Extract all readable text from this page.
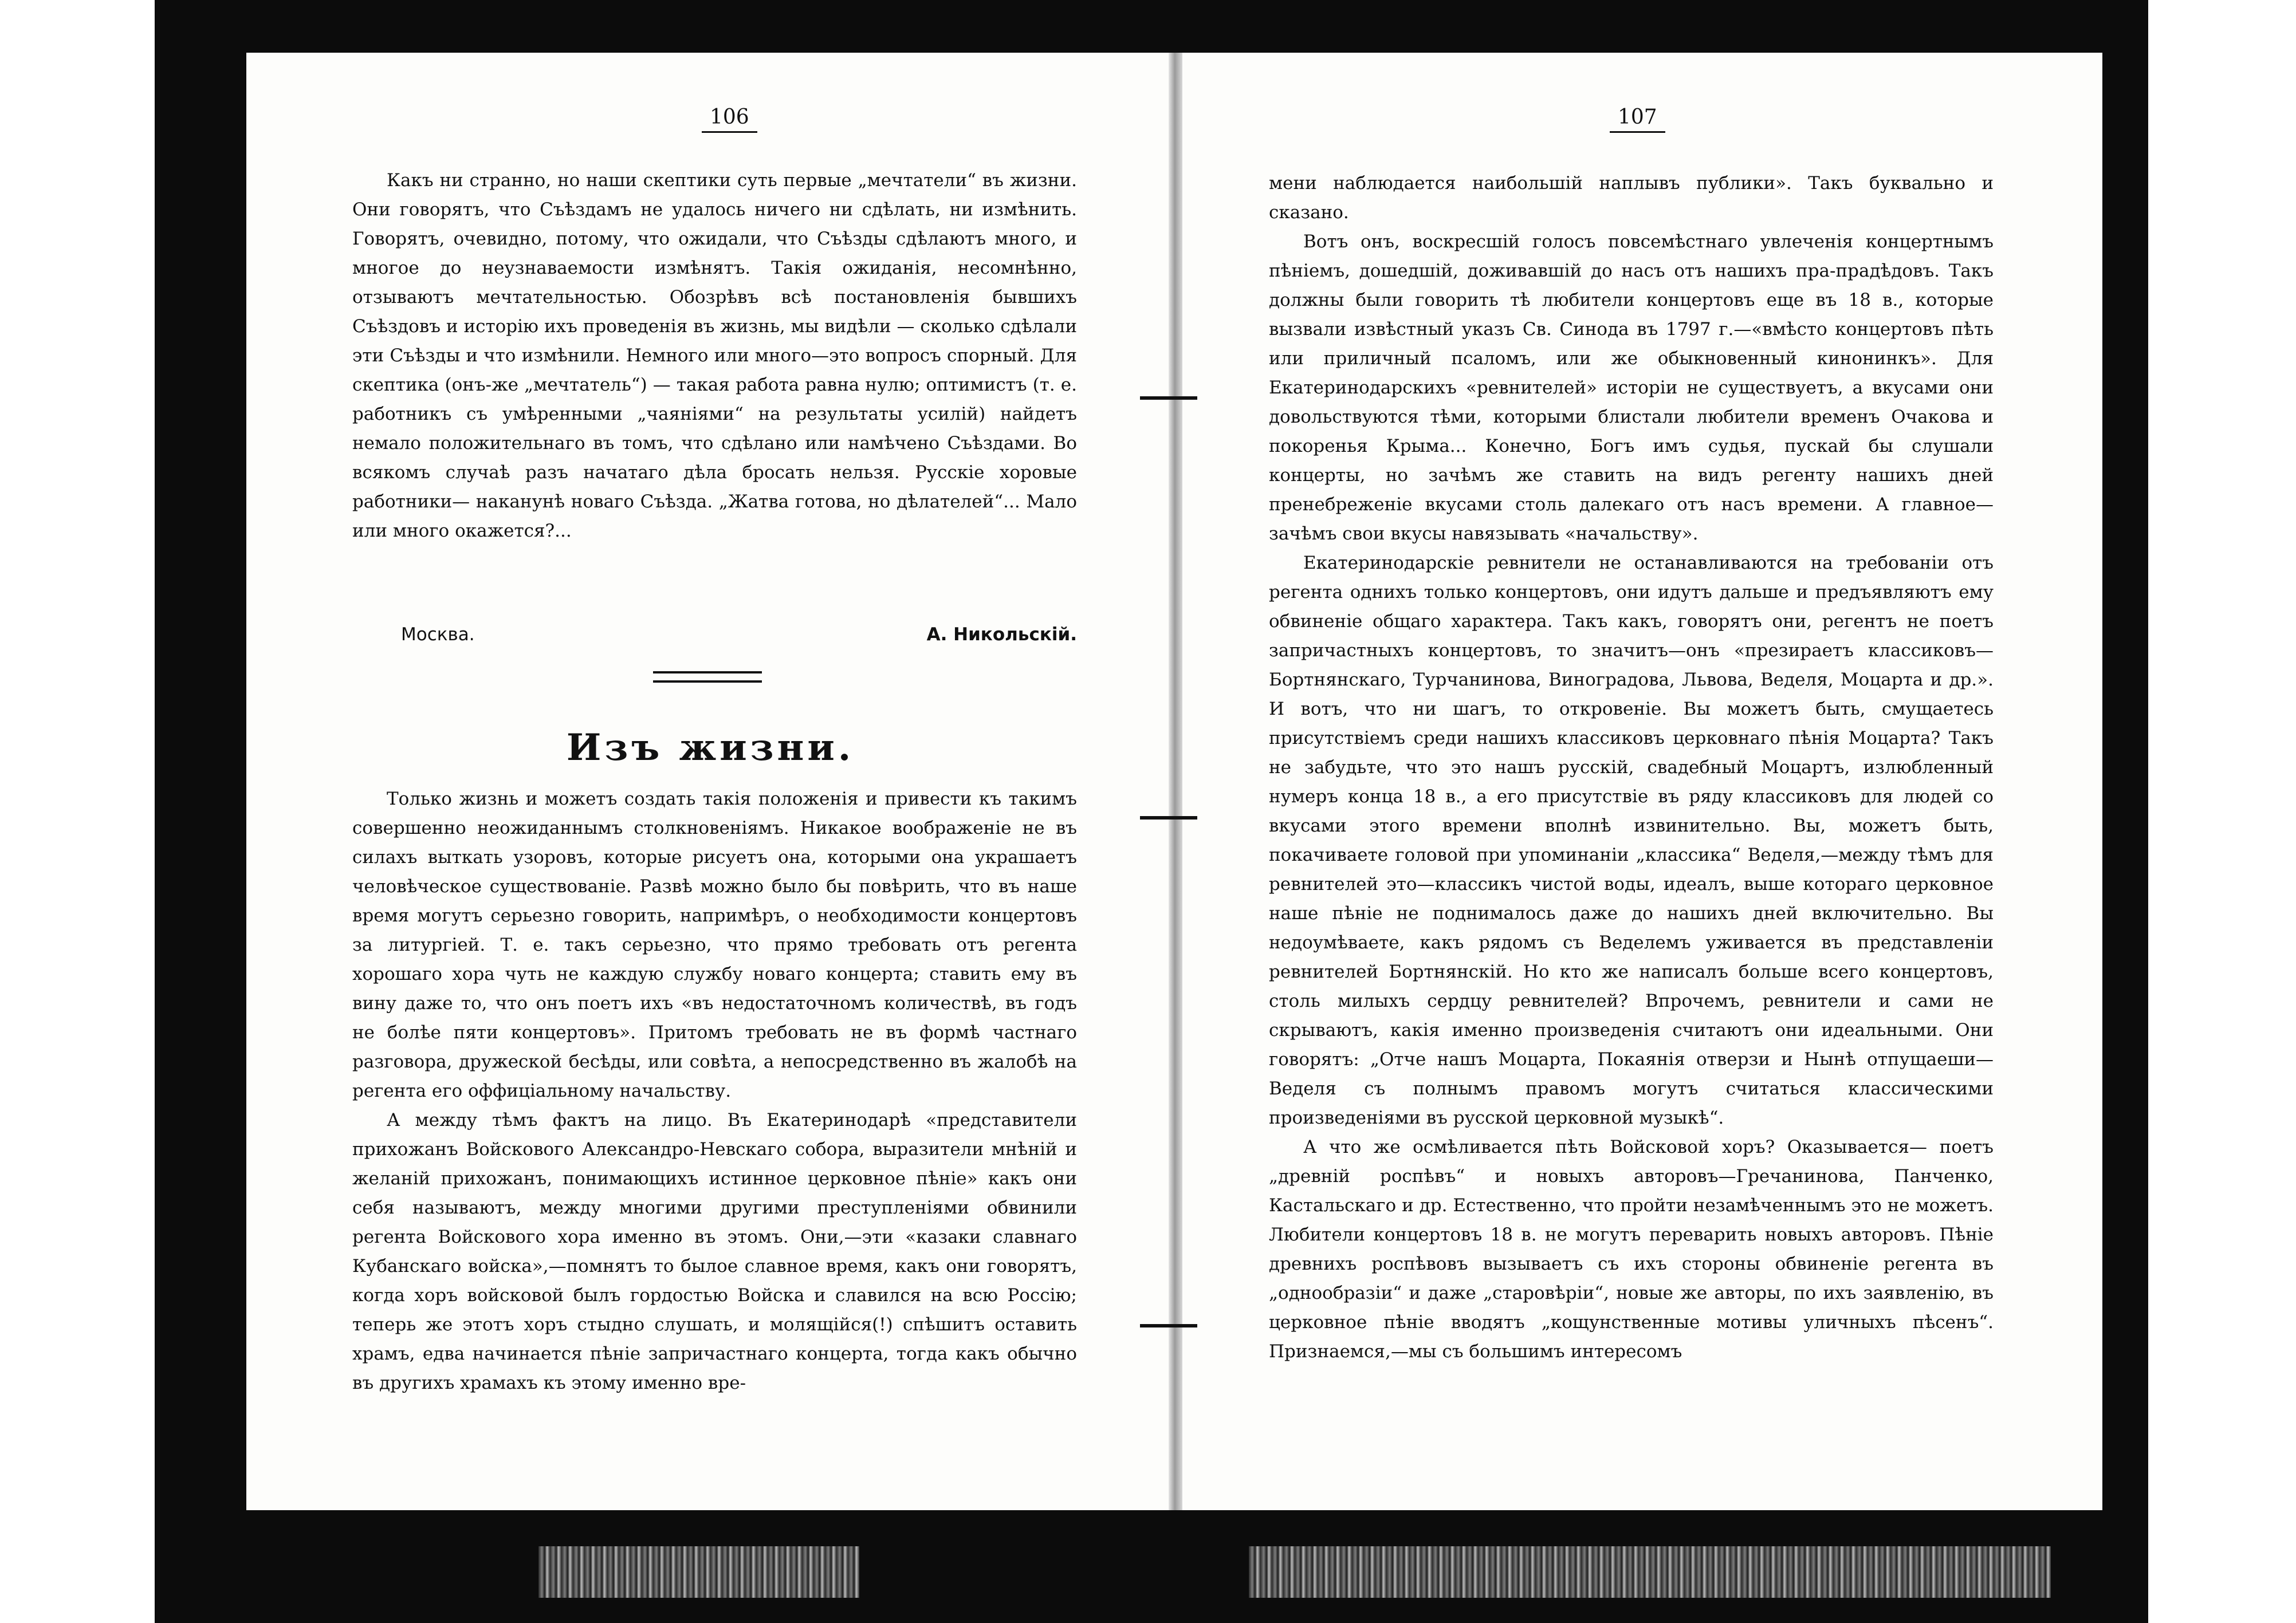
106

Какъ ни странно, но наши скептики суть первые „мечтатели“ въ жизни. Они говорятъ, что Съѣздамъ не удалось ничего ни сдѣлать, ни измѣнить. Говорятъ, очевидно, потому, что ожидали, что Съѣзды сдѣлаютъ много, и многое до неузнаваемости измѣнятъ. Такія ожиданія, несомнѣнно, отзываютъ мечтательностью. Обозрѣвъ всѣ постановленія бывшихъ Съѣздовъ и исторію ихъ проведенія въ жизнь, мы видѣли — сколько сдѣлали эти Съѣзды и что измѣнили. Немного или много—это вопросъ спорный. Для скептика (онъ-же „мечтатель“) — такая работа равна нулю; оптимистъ (т. е. работникъ съ умѣренными „чаяніями“ на результаты усилій) найдетъ немало положительнаго въ томъ, что сдѣлано или намѣчено Съѣздами. Во всякомъ случаѣ разъ начатаго дѣла бросать нельзя. Русскіе хоровые работники— наканунѣ новаго Съѣзда. „Жатва готова, но дѣлателей“... Мало или много окажется?...

Москва.	А. Никольскій.
Изъ жизни.

Только жизнь и можетъ создать такія положенія и привести къ такимъ совершенно неожиданнымъ столкновеніямъ. Никакое воображеніе не въ силахъ выткать узоровъ, которые рисуетъ она, которыми она украшаетъ человѣческое существованіе. Развѣ можно было бы повѣрить, что въ наше время могутъ серьезно говорить, напримѣръ, о необходимости концертовъ за литургіей. Т. е. такъ серьезно, что прямо требовать отъ регента хорошаго хора чуть не каждую службу новаго концерта; ставить ему въ вину даже то, что онъ поетъ ихъ «въ недостаточномъ количествѣ, въ годъ не болѣе пяти концертовъ». Притомъ требовать не въ формѣ частнаго разговора, дружеской бесѣды, или совѣта, а непосредственно въ жалобѣ на регента его оффиціальному начальству.

А между тѣмъ фактъ на лицо. Въ Екатеринодарѣ «представители прихожанъ Войскового Александро-Невскаго собора, выразители мнѣній и желаній прихожанъ, понимающихъ истинное церковное пѣніе» какъ они себя называютъ, между многими другими преступленіями обвинили регента Войскового хора именно въ этомъ. Они,—эти «казаки славнаго Кубанскаго войска»,—помнятъ то былое славное время, какъ они говорятъ, когда хоръ войсковой былъ гордостью Войска и славился на всю Россію; теперь же этотъ хоръ стыдно слушать, и молящійся(!) спѣшитъ оставить храмъ, едва начинается пѣніе запричастнаго концерта, тогда какъ обычно въ другихъ храмахъ къ этому именно вре-

107

мени наблюдается наибольшій наплывъ публики». Такъ буквально и сказано.

Вотъ онъ, воскресшій голосъ повсемѣстнаго увлеченія концертнымъ пѣніемъ, дошедшій, доживавшій до насъ отъ нашихъ пра-прадѣдовъ. Такъ должны были говорить тѣ любители концертовъ еще въ 18 в., которые вызвали извѣстный указъ Св. Синода въ 1797 г.—«вмѣсто концертовъ пѣть или приличный псаломъ, или же обыкновенный кинонинкъ». Для Екатеринодарскихъ «ревнителей» исторіи не существуетъ, а вкусами они довольствуются тѣми, которыми блистали любители временъ Очакова и покоренья Крыма... Конечно, Богъ имъ судья, пускай бы слушали концерты, но зачѣмъ же ставить на видъ регенту нашихъ дней пренебреженіе вкусами столь далекаго отъ насъ времени. А главное—зачѣмъ свои вкусы навязывать «начальству».

Екатеринодарскіе ревнители не останавливаются на требованіи отъ регента однихъ только концертовъ, они идутъ дальше и предъявляютъ ему обвиненіе общаго характера. Такъ какъ, говорятъ они, регентъ не поетъ запричастныхъ концертовъ, то значитъ—онъ «презираетъ классиковъ—Бортнянскаго, Турчанинова, Виноградова, Львова, Веделя, Моцарта и др.». И вотъ, что ни шагъ, то откровеніе. Вы можетъ быть, смущаетесь присутствіемъ среди нашихъ классиковъ церковнаго пѣнія Моцарта? Такъ не забудьте, что это нашъ русскій, свадебный Моцартъ, излюбленный нумеръ конца 18 в., а его присутствіе въ ряду классиковъ для людей со вкусами этого времени вполнѣ извинительно. Вы, можетъ быть, покачиваете головой при упоминаніи „классика“ Веделя,—между тѣмъ для ревнителей это—классикъ чистой воды, идеалъ, выше котораго церковное наше пѣніе не поднималось даже до нашихъ дней включительно. Вы недоумѣваете, какъ рядомъ съ Веделемъ уживается въ представленіи ревнителей Бортнянскій. Но кто же написалъ больше всего концертовъ, столь милыхъ сердцу ревнителей? Впрочемъ, ревнители и сами не скрываютъ, какія именно произведенія считаютъ они идеальными. Они говорятъ: „Отче нашъ Моцарта, Покаянія отверзи и Нынѣ отпущаеши—Веделя съ полнымъ правомъ могутъ считаться классическими произведеніями въ русской церковной музыкѣ“.

А что же осмѣливается пѣть Войсковой хоръ? Оказывается— поетъ „древній роспѣвъ“ и новыхъ авторовъ—Гречанинова, Панченко, Кастальскаго и др. Естественно, что пройти незамѣченнымъ это не можетъ. Любители концертовъ 18 в. не могутъ переварить новыхъ авторовъ. Пѣніе древнихъ роспѣвовъ вызываетъ съ ихъ стороны обвиненіе регента въ „однообразіи“ и даже „старовѣріи“, новые же авторы, по ихъ заявленію, въ церковное пѣніе вводятъ „кощунственные мотивы уличныхъ пѣсенъ“. Признаемся,—мы съ большимъ интересомъ
